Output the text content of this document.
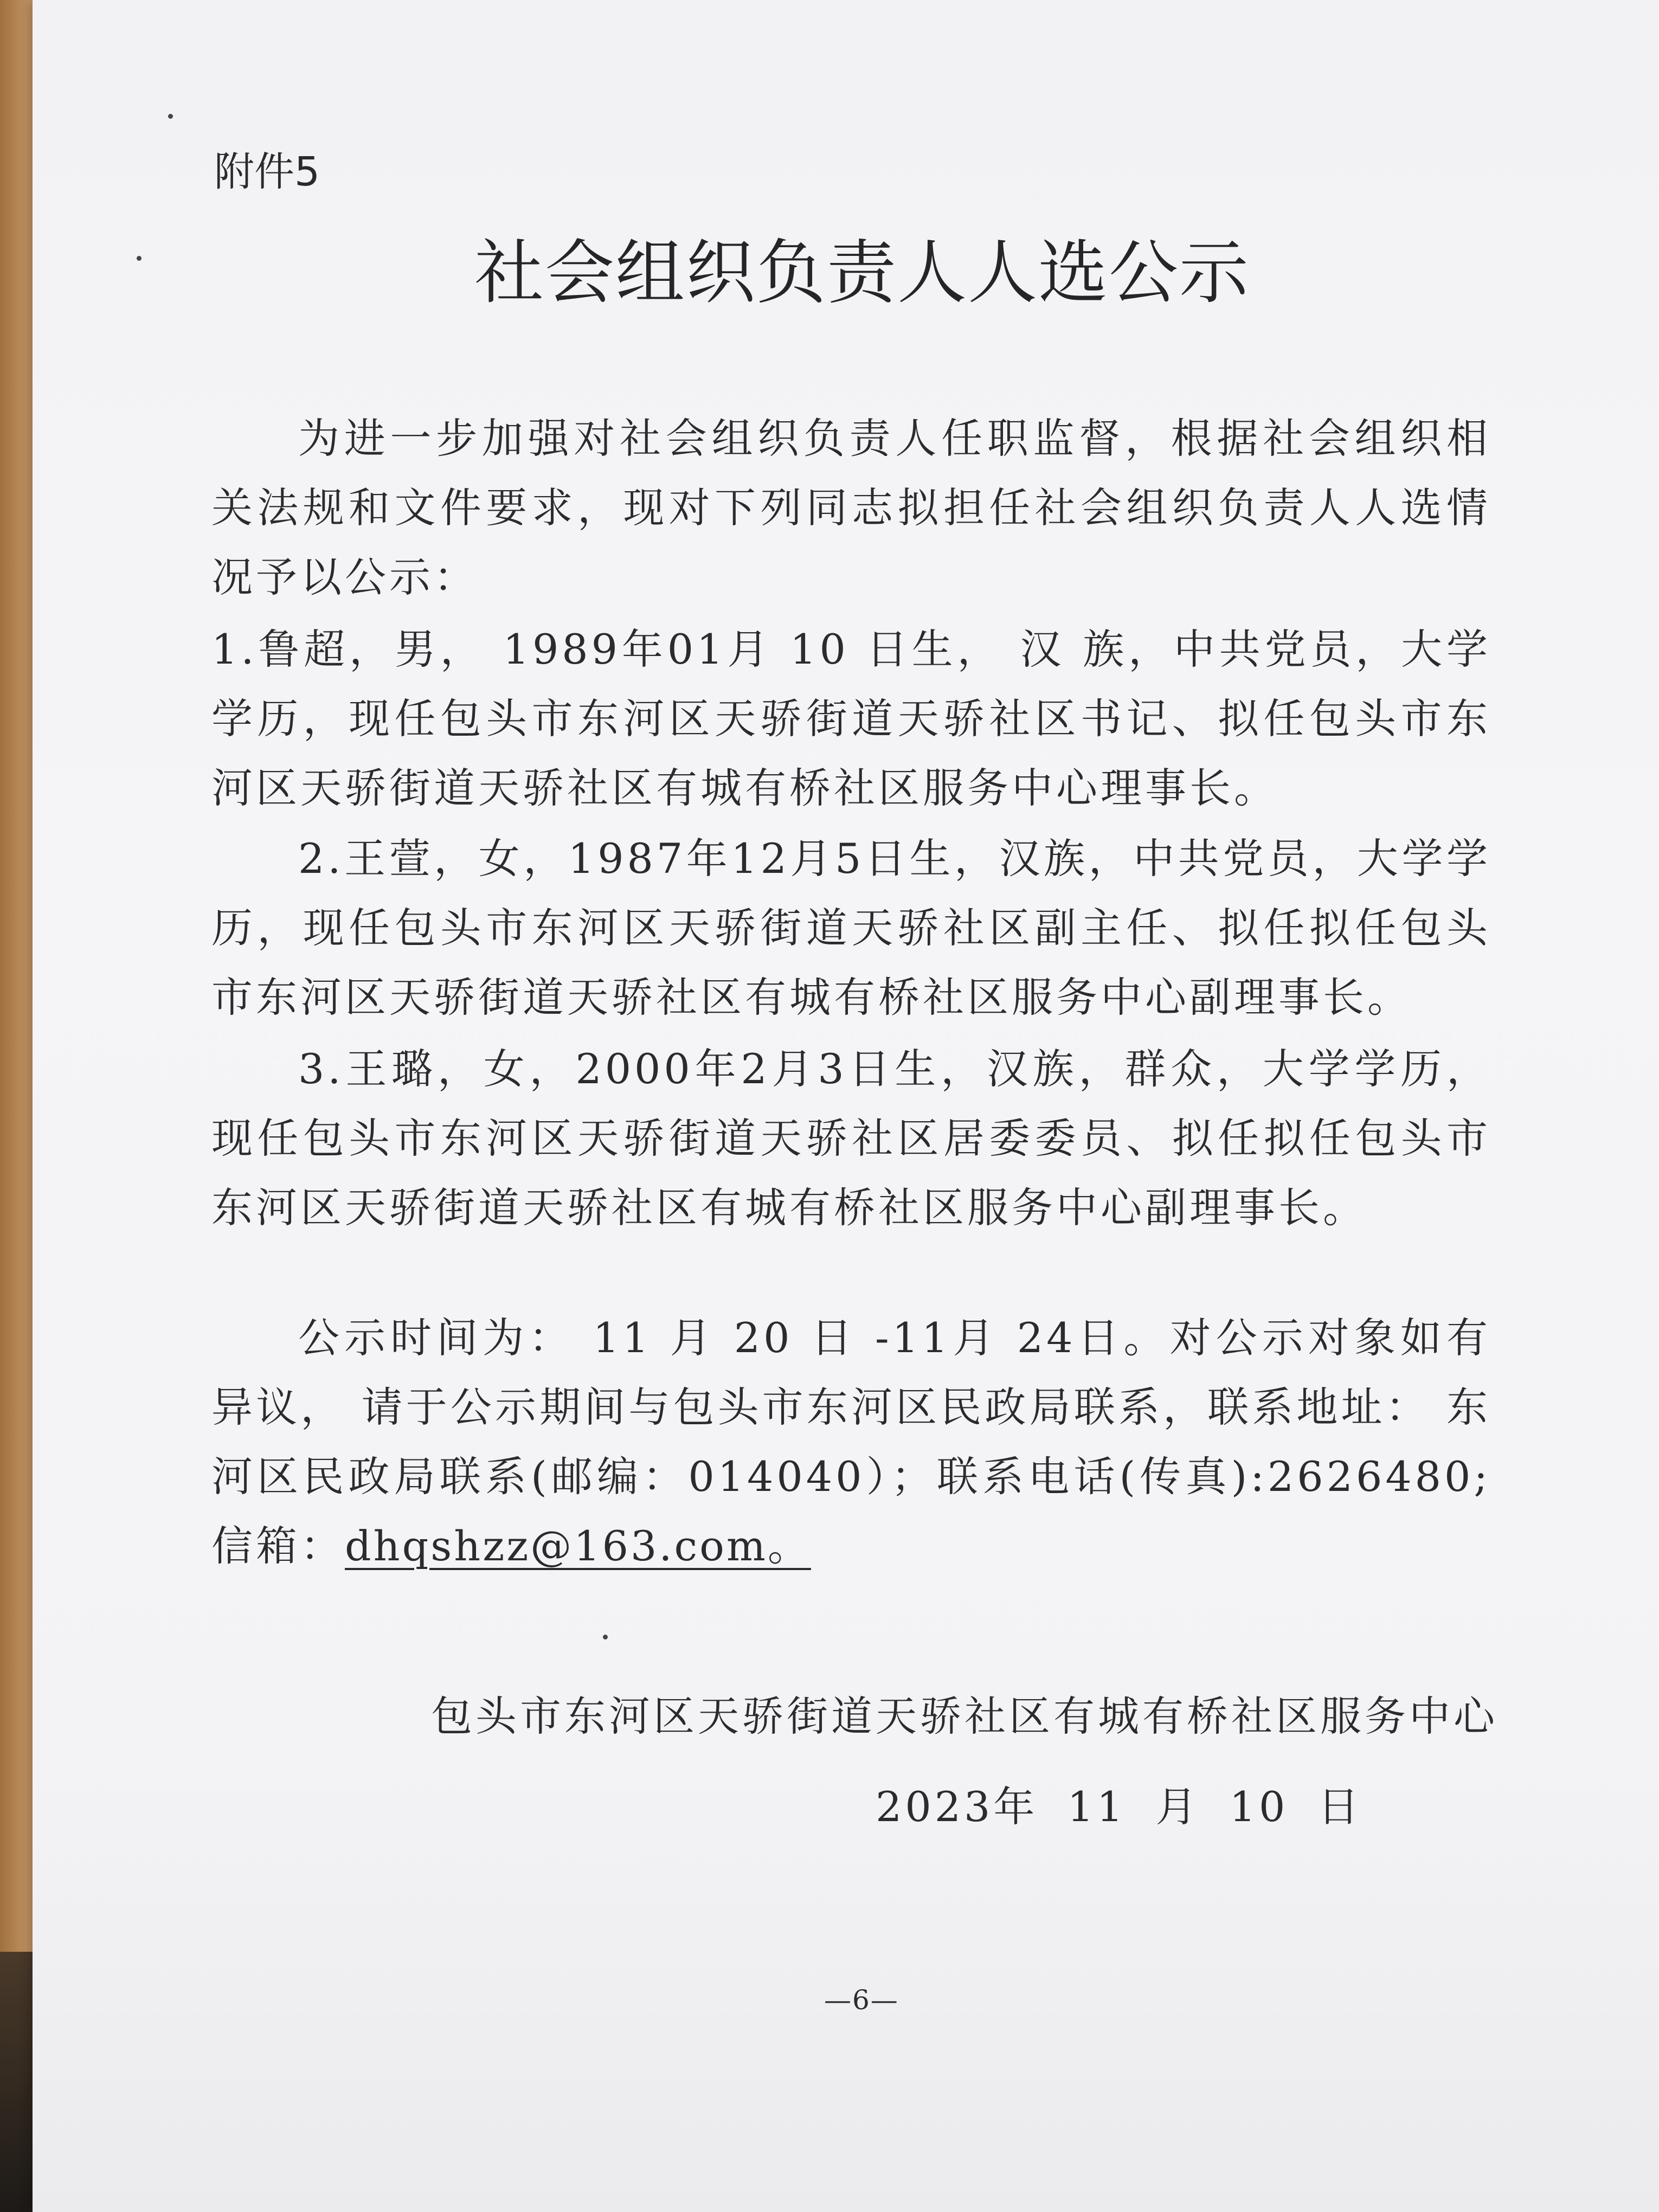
附件5
社会组织负责人人选公示
为进一步加强对社会组织负责人任职监督，根据社会组织相关法规和文件要求，现对下列同志拟担任社会组织负责人人选情况予以公示：
1.鲁超，男， 1989年01月 10 日生， 汉 族，中共党员，大学 学历，现任包头市东河区天骄街道天骄社区书记、拟任包头市东河区天骄街道天骄社区有城有桥社区服务中心理事长。
2.王萱，女，1987年12月5日生，汉族，中共党员，大学学历，现任包头市东河区天骄街道天骄社区副主任、拟任拟任包头市东河区天骄街道天骄社区有城有桥社区服务中心副理事长。
3.王璐，女，2000年2月3日生，汉族，群众，大学学历，现任包头市东河区天骄街道天骄社区居委委员、拟任拟任包头市东河区天骄街道天骄社区有城有桥社区服务中心副理事长。
公示时间为： 11 月 20 日 -11月 24日。对公示对象如有异议， 请于公示期间与包头市东河区民政局联系，联系地址： 东河区民政局联系(邮编：014040）；联系电话(传真):2626480;信箱：dhqshzz@163.com。
包头市东河区天骄街道天骄社区有城有桥社区服务中心
2023年 11 月 10 日
—6—
